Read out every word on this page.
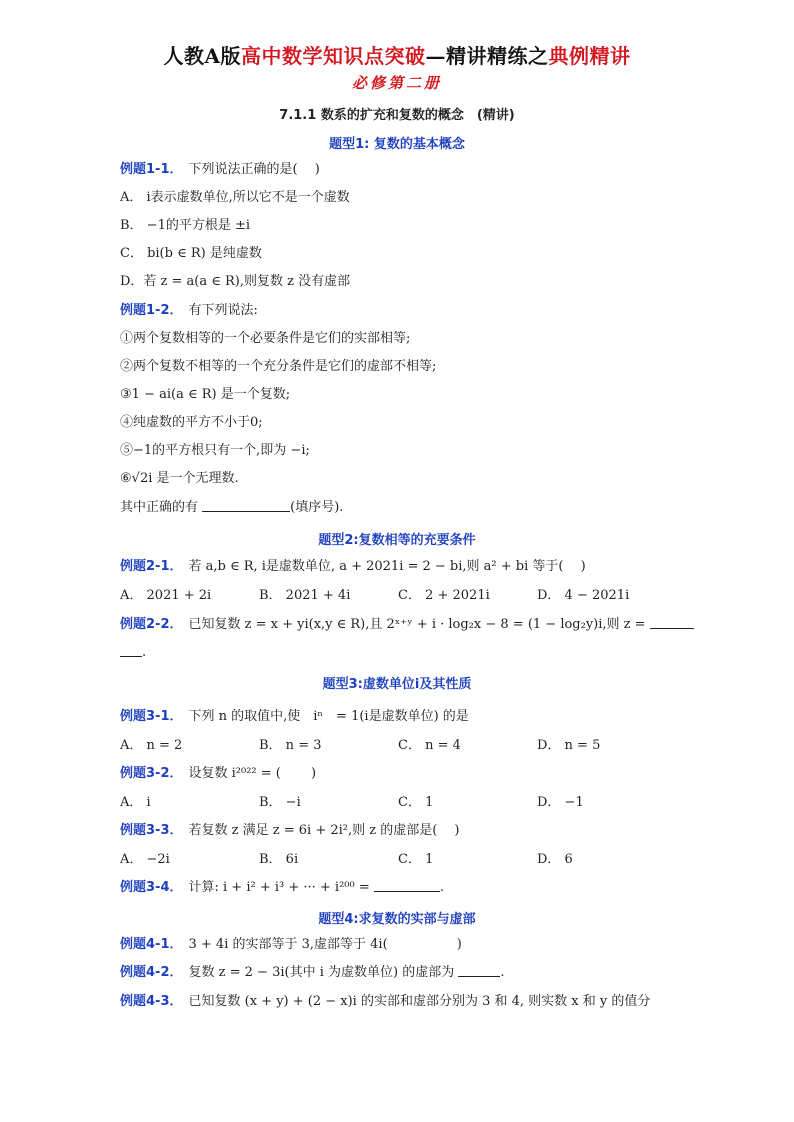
人教A版高中数学知识点突破—精讲精练之典例精讲
必修第二册
7.1.1 数系的扩充和复数的概念　(精讲)
题型1: 复数的基本概念
例题1-1． 下列说法正确的是(　 )
A． i表示虚数单位,所以它不是一个虚数
B． −1的平方根是 ±i
C． bi(b ∈ R) 是纯虚数
D．若 z = a(a ∈ R),则复数 z 没有虚部
例题1-2． 有下列说法:
①两个复数相等的一个必要条件是它们的实部相等;
②两个复数不相等的一个充分条件是它们的虚部不相等;
③1 − ai(a ∈ R) 是一个复数;
④纯虚数的平方不小于0;
⑤−1的平方根只有一个,即为 −i;
⑥√2i 是一个无理数.
其中正确的有	(填序号).
题型2:复数相等的充要条件
例题2-1． 若 a,b ∈ R, i是虚数单位, a + 2021i = 2 − bi,则 a² + bi 等于(　 )
A． 2021 + 2i	B． 2021 + 4i	C． 2 + 2021i	D． 4 − 2021i
例题2-2． 已知复数 z = x + yi(x,y ∈ R),且 2ˣ⁺ʸ + i · log₂x − 8 = (1 − log₂y)i,则 z =
.
题型3:虚数单位i及其性质
例题3-1． 下列 n 的取值中,使　iⁿ　= 1(i是虚数单位) 的是
A． n = 2	B． n = 3	C． n = 4	D． n = 5
例题3-2． 设复数 i²⁰²² = (　　 )
A． i	B． −i	C． 1	D． −1
例题3-3． 若复数 z 满足 z = 6i + 2i²,则 z 的虚部是(　 )
A． −2i	B． 6i	C． 1	D． 6
例题3-4． 计算: i + i² + i³ + ··· + i²⁰⁰ =	.
题型4:求复数的实部与虚部
例题4-1． 3 + 4i 的实部等于 3,虚部等于 4i(　　　　　 )
例题4-2． 复数 z = 2 − 3i(其中 i 为虚数单位) 的虚部为	.
例题4-3． 已知复数 (x + y) + (2 − x)i 的实部和虚部分别为 3 和 4, 则实数 x 和 y 的值分
